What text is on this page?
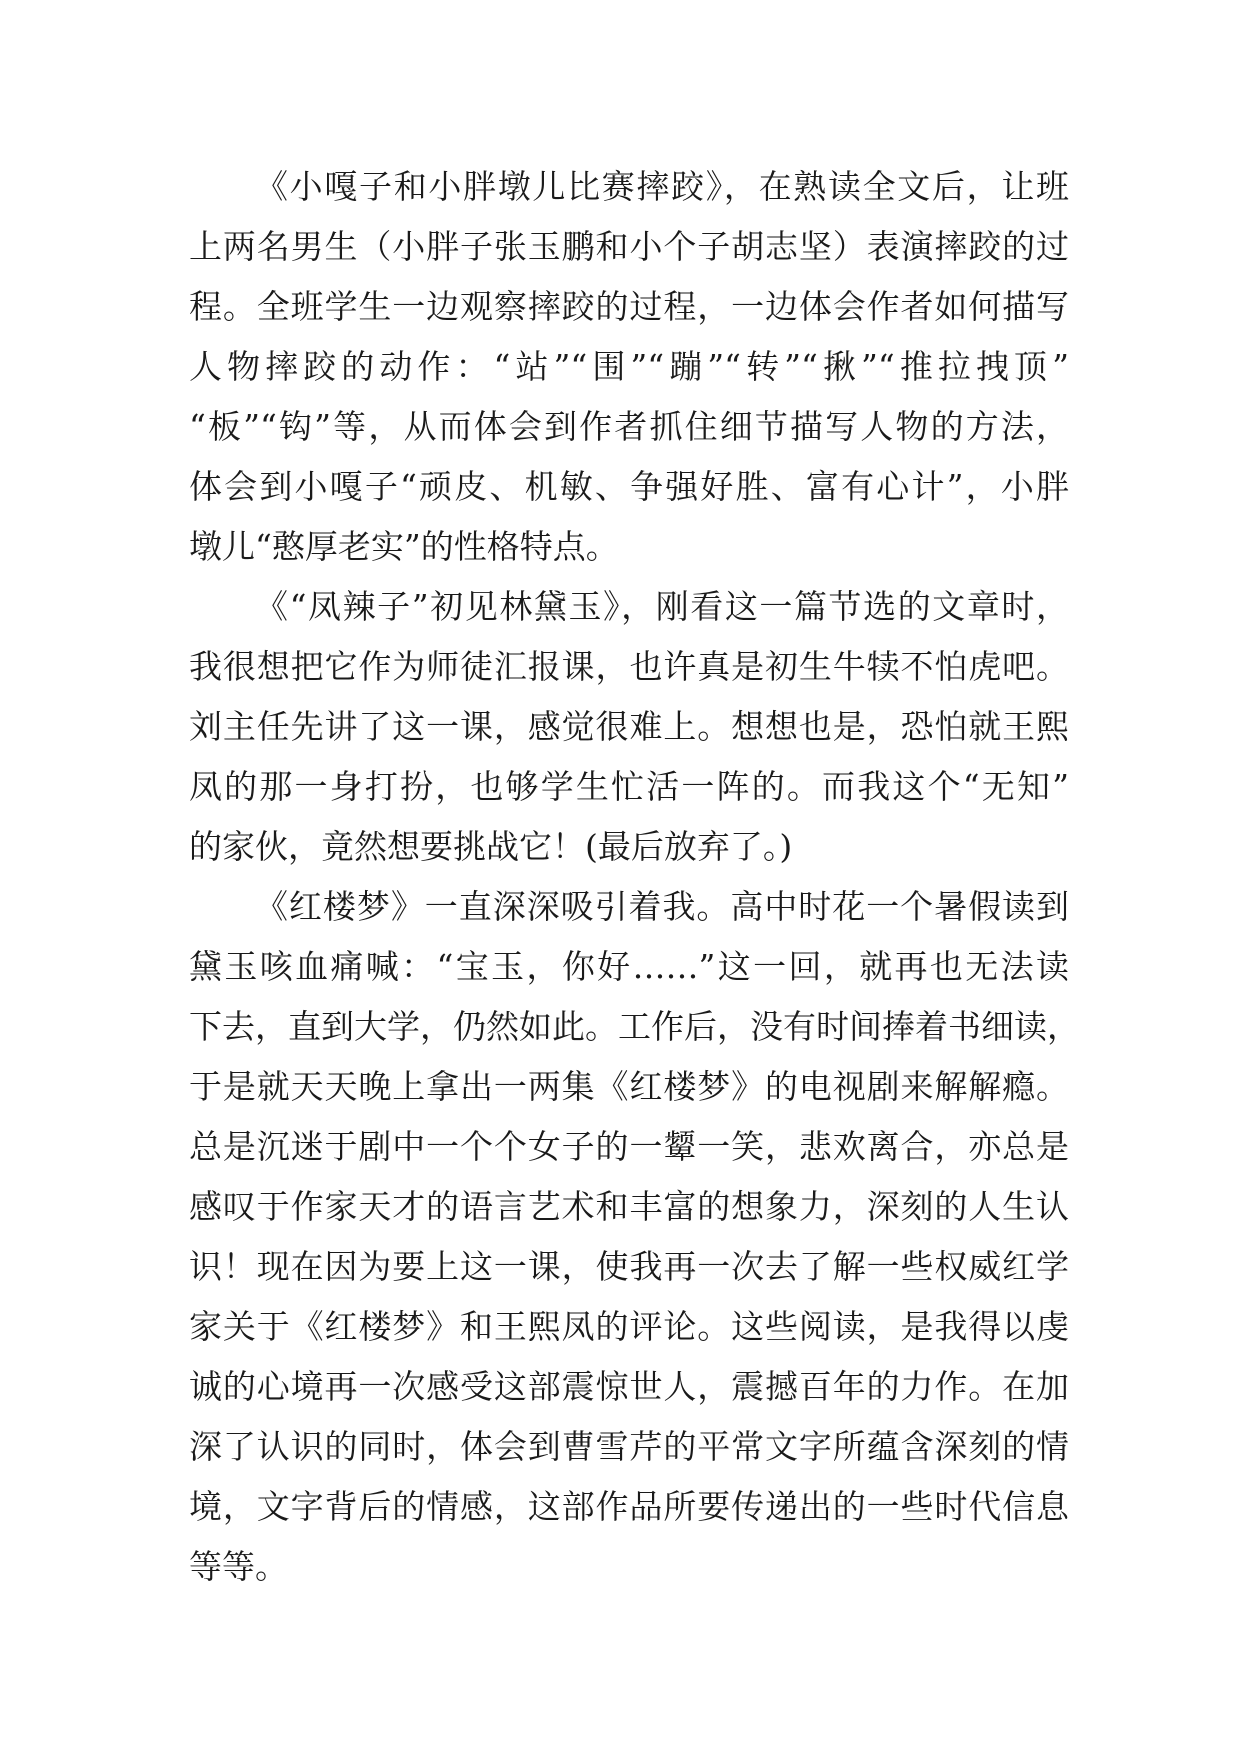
《小嘎子和小胖墩儿比赛摔跤》，在熟读全文后，让班
上两名男生（小胖子张玉鹏和小个子胡志坚）表演摔跤的过
程。全班学生一边观察摔跤的过程，一边体会作者如何描写
人物摔跤的动作：“站”“围”“蹦”“转”“揪”“推拉拽顶”
“板”“钩”等，从而体会到作者抓住细节描写人物的方法，
体会到小嘎子“顽皮、机敏、争强好胜、富有心计”，小胖
墩儿“憨厚老实”的性格特点。
《“凤辣子”初见林黛玉》，刚看这一篇节选的文章时，
我很想把它作为师徒汇报课，也许真是初生牛犊不怕虎吧。
刘主任先讲了这一课，感觉很难上。想想也是，恐怕就王熙
凤的那一身打扮，也够学生忙活一阵的。而我这个“无知”
的家伙，竟然想要挑战它！(最后放弃了。)
《红楼梦》一直深深吸引着我。高中时花一个暑假读到
黛玉咳血痛喊：“宝玉，你好……”这一回，就再也无法读
下去，直到大学，仍然如此。工作后，没有时间捧着书细读，
于是就天天晚上拿出一两集《红楼梦》的电视剧来解解瘾。
总是沉迷于剧中一个个女子的一颦一笑，悲欢离合，亦总是
感叹于作家天才的语言艺术和丰富的想象力，深刻的人生认
识！现在因为要上这一课，使我再一次去了解一些权威红学
家关于《红楼梦》和王熙凤的评论。这些阅读，是我得以虔
诚的心境再一次感受这部震惊世人，震撼百年的力作。在加
深了认识的同时，体会到曹雪芹的平常文字所蕴含深刻的情
境，文字背后的情感，这部作品所要传递出的一些时代信息
等等。
